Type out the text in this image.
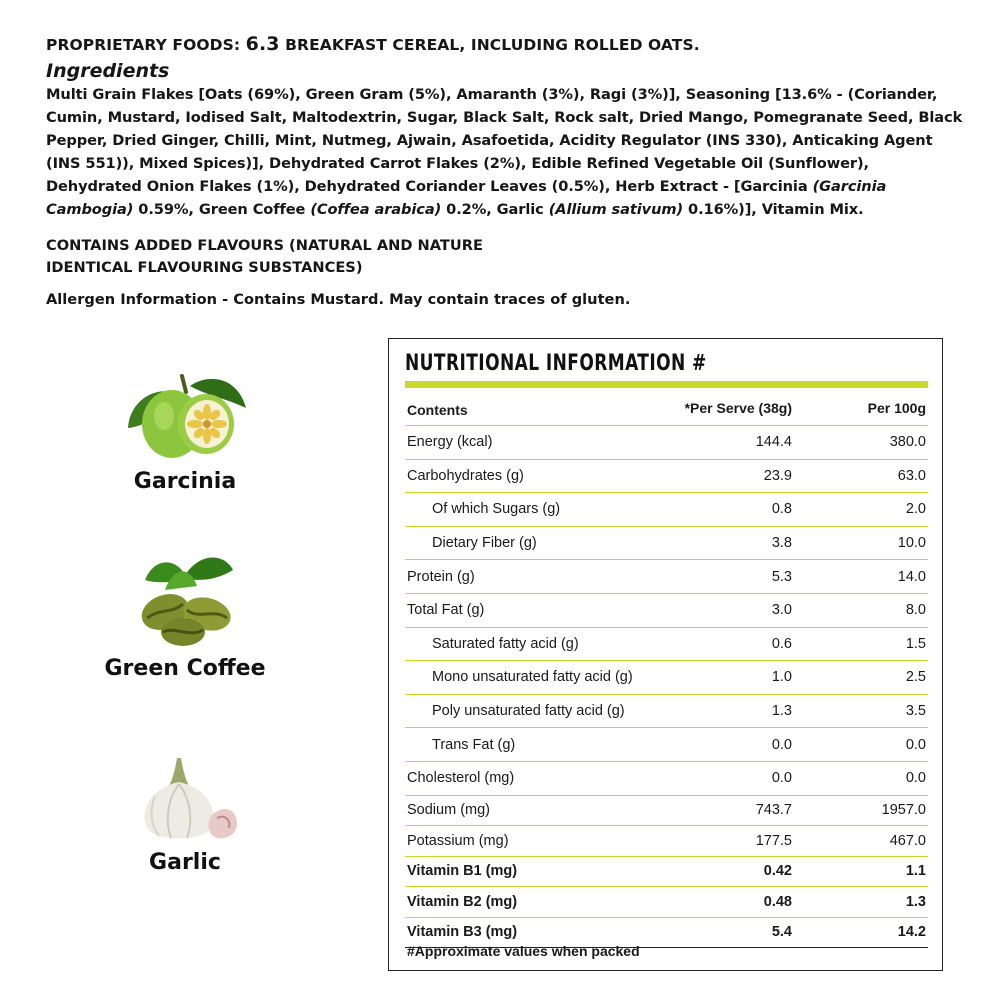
PROPRIETARY FOODS: 6.3 BREAKFAST CEREAL, INCLUDING ROLLED OATS.
Ingredients
Multi Grain Flakes [Oats (69%), Green Gram (5%), Amaranth (3%), Ragi (3%)], Seasoning [13.6% - (Coriander, Cumin, Mustard, Iodised Salt, Maltodextrin, Sugar, Black Salt, Rock salt, Dried Mango, Pomegranate Seed, Black Pepper, Dried Ginger, Chilli, Mint, Nutmeg, Ajwain, Asafoetida, Acidity Regulator (INS 330), Anticaking Agent (INS 551)), Mixed Spices)], Dehydrated Carrot Flakes (2%), Edible Refined Vegetable Oil (Sunflower), Dehydrated Onion Flakes (1%), Dehydrated Coriander Leaves (0.5%), Herb Extract - [Garcinia (Garcinia Cambogia) 0.59%, Green Coffee (Coffea arabica) 0.2%, Garlic (Allium sativum) 0.16%)], Vitamin Mix.
CONTAINS ADDED FLAVOURS (NATURAL AND NATURE IDENTICAL FLAVOURING SUBSTANCES)
Allergen Information - Contains Mustard. May contain traces of gluten.
Garcinia
Green Coffee
Garlic
NUTRITIONAL INFORMATION #
Contents	*Per Serve (38g)	Per 100g
Energy (kcal)	144.4	380.0
Carbohydrates (g)	23.9	63.0
Of which Sugars (g)	0.8	2.0
Dietary Fiber (g)	3.8	10.0
Protein (g)	5.3	14.0
Total Fat (g)	3.0	8.0
Saturated fatty acid (g)	0.6	1.5
Mono unsaturated fatty acid (g)	1.0	2.5
Poly unsaturated fatty acid (g)	1.3	3.5
Trans Fat (g)	0.0	0.0
Cholesterol (mg)	0.0	0.0
Sodium (mg)	743.7	1957.0
Potassium (mg)	177.5	467.0
Vitamin B1 (mg)	0.42	1.1
Vitamin B2 (mg)	0.48	1.3
Vitamin B3 (mg)	5.4	14.2
#Approximate values when packed
